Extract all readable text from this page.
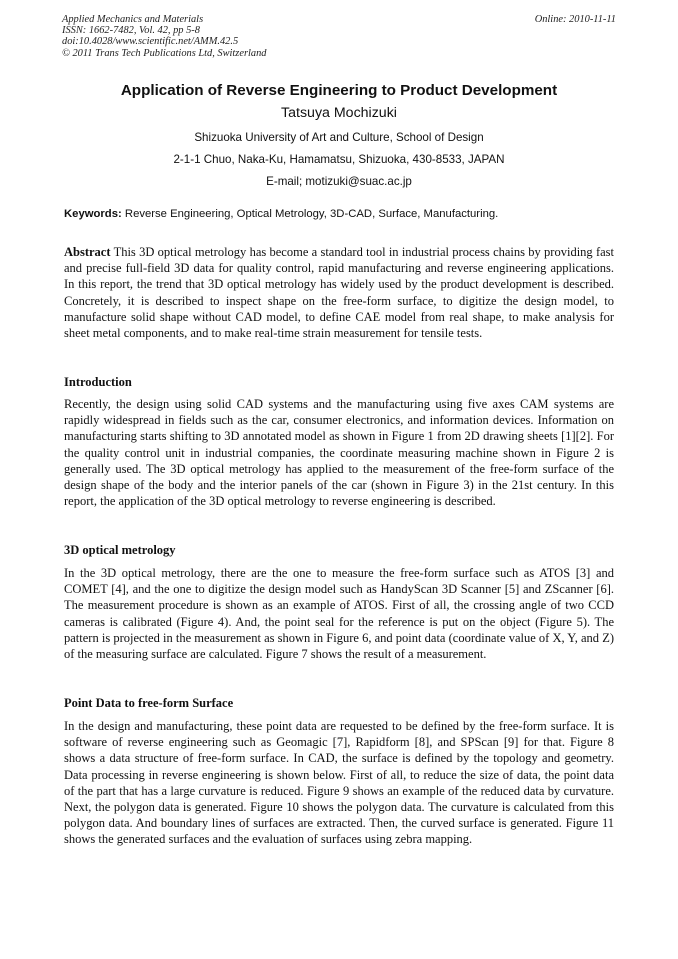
Applied Mechanics and Materials
ISSN: 1662-7482, Vol. 42, pp 5-8
doi:10.4028/www.scientific.net/AMM.42.5
© 2011 Trans Tech Publications Ltd, Switzerland
Online: 2010-11-11
Application of Reverse Engineering to Product Development
Tatsuya Mochizuki
Shizuoka University of Art and Culture, School of Design
2-1-1 Chuo, Naka-Ku, Hamamatsu, Shizuoka, 430-8533, JAPAN
E-mail; motizuki@suac.ac.jp
Keywords: Reverse Engineering, Optical Metrology, 3D-CAD, Surface, Manufacturing.
Abstract This 3D optical metrology has become a standard tool in industrial process chains by providing fast and precise full-field 3D data for quality control, rapid manufacturing and reverse engineering applications. In this report, the trend that 3D optical metrology has widely used by the product development is described. Concretely, it is described to inspect shape on the free-form surface, to digitize the design model, to manufacture solid shape without CAD model, to define CAE model from real shape, to make analysis for sheet metal components, and to make real-time strain measurement for tensile tests.
Introduction
Recently, the design using solid CAD systems and the manufacturing using five axes CAM systems are rapidly widespread in fields such as the car, consumer electronics, and information devices. Information on manufacturing starts shifting to 3D annotated model as shown in Figure 1 from 2D drawing sheets [1][2]. For the quality control unit in industrial companies, the coordinate measuring machine shown in Figure 2 is generally used. The 3D optical metrology has applied to the measurement of the free-form surface of the design shape of the body and the interior panels of the car (shown in Figure 3) in the 21st century. In this report, the application of the 3D optical metrology to reverse engineering is described.
3D optical metrology
In the 3D optical metrology, there are the one to measure the free-form surface such as ATOS [3] and COMET [4], and the one to digitize the design model such as HandyScan 3D Scanner [5] and ZScanner [6]. The measurement procedure is shown as an example of ATOS. First of all, the crossing angle of two CCD cameras is calibrated (Figure 4). And, the point seal for the reference is put on the object (Figure 5). The pattern is projected in the measurement as shown in Figure 6, and point data (coordinate value of X, Y, and Z) of the measuring surface are calculated. Figure 7 shows the result of a measurement.
Point Data to free-form Surface
In the design and manufacturing, these point data are requested to be defined by the free-form surface. It is software of reverse engineering such as Geomagic [7], Rapidform [8], and SPScan [9] for that. Figure 8 shows a data structure of free-form surface. In CAD, the surface is defined by the topology and geometry. Data processing in reverse engineering is shown below. First of all, to reduce the size of data, the point data of the part that has a large curvature is reduced. Figure 9 shows an example of the reduced data by curvature. Next, the polygon data is generated. Figure 10 shows the polygon data. The curvature is calculated from this polygon data. And boundary lines of surfaces are extracted. Then, the curved surface is generated. Figure 11 shows the generated surfaces and the evaluation of surfaces using zebra mapping.
